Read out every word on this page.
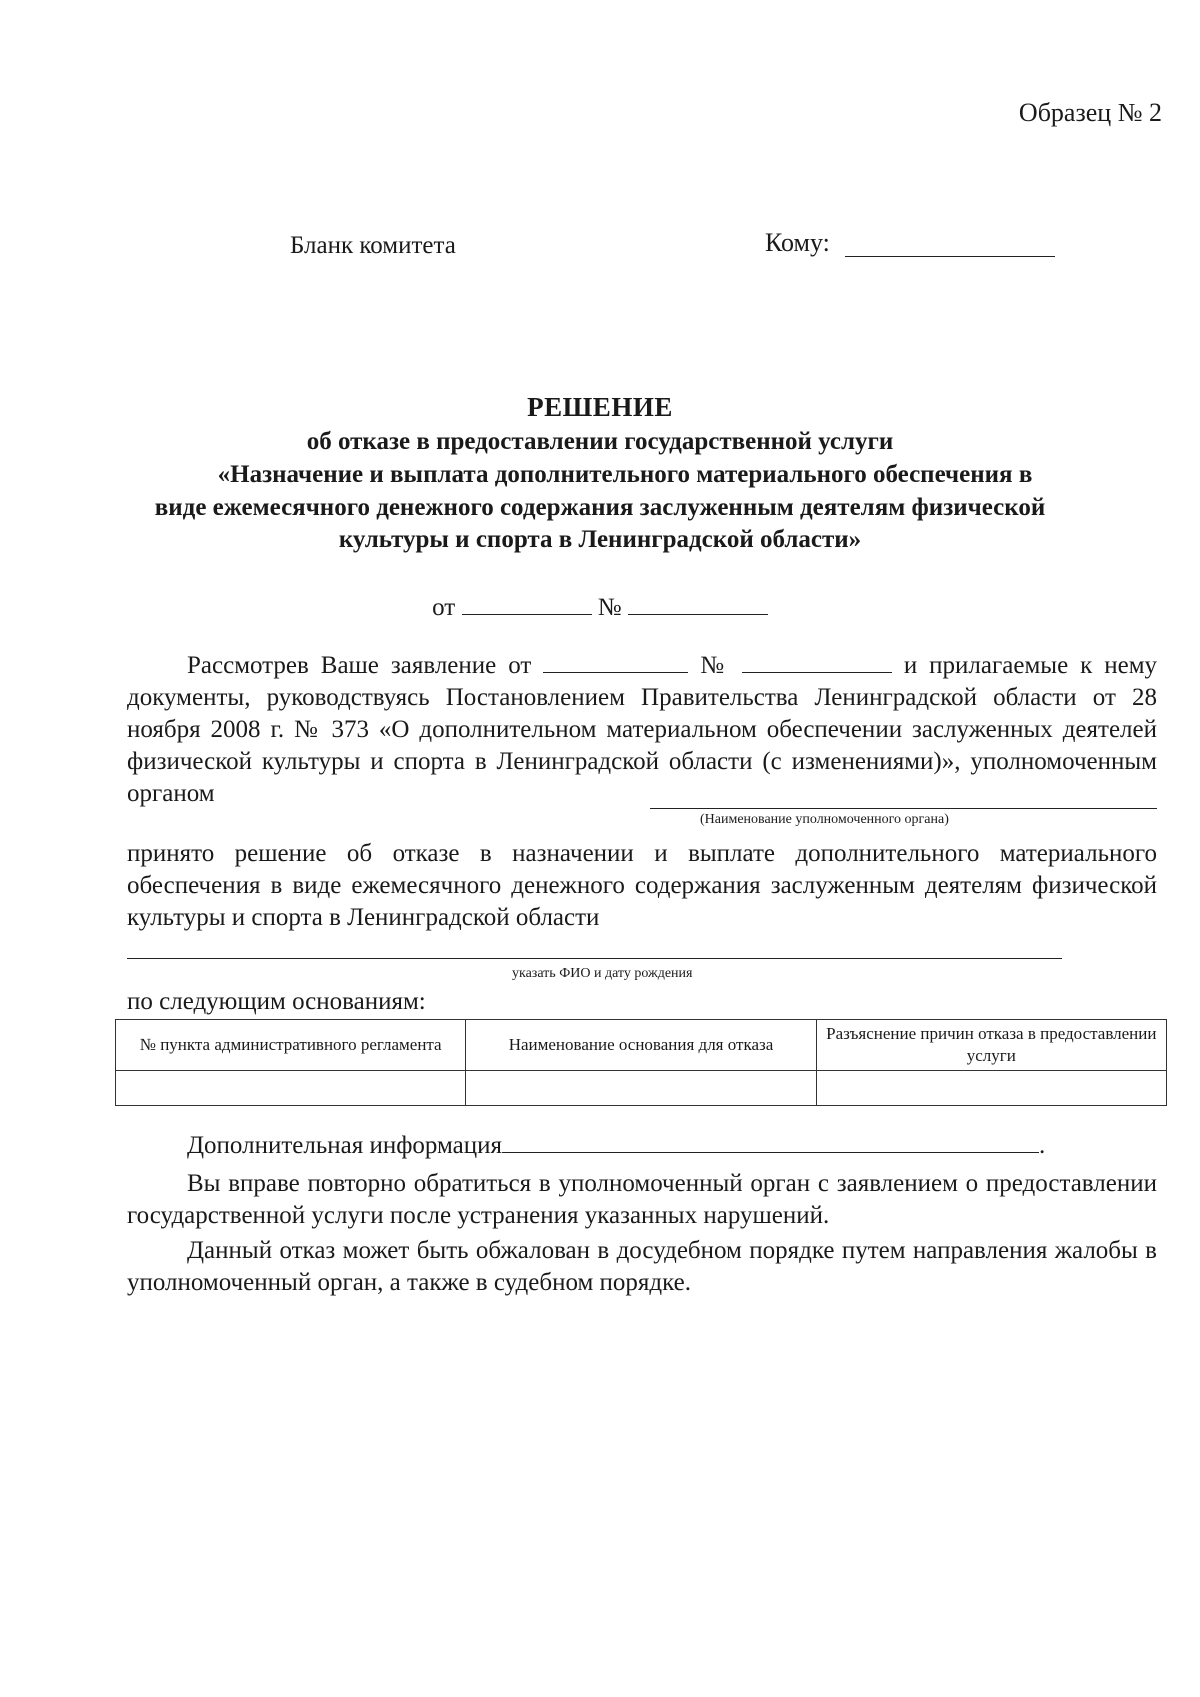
Образец № 2
Бланк комитета	Кому:
РЕШЕНИЕ
об отказе в предоставлении государственной услуги
«Назначение и выплата дополнительного материального обеспечения в
виде ежемесячного денежного содержания заслуженным деятелям физической
культуры и спорта в Ленинградской области»
от	№
Рассмотрев Ваше заявление от	№	и прилагаемые к нему документы, руководствуясь Постановлением Правительства Ленинградской области от 28 ноября 2008 г. № 373 «О дополнительном материальном обеспечении заслуженных деятелей физической культуры и спорта в Ленинградской области (с изменениями)», уполномоченным органом
(Наименование уполномоченного органа)
принято решение об отказе в назначении и выплате дополнительного материального обеспечения в виде ежемесячного денежного содержания заслуженным деятелям физической культуры и спорта в Ленинградской области
указать ФИО и дату рождения
по следующим основаниям:
№ пункта административного регламента	Наименование основания для отказа	Разъяснение причин отказа в предоставлении услуги

Дополнительная информация	.
Вы вправе повторно обратиться в уполномоченный орган с заявлением о предоставлении государственной услуги после устранения указанных нарушений.
Данный отказ может быть обжалован в досудебном порядке путем направления жалобы в уполномоченный орган, а также в судебном порядке.
